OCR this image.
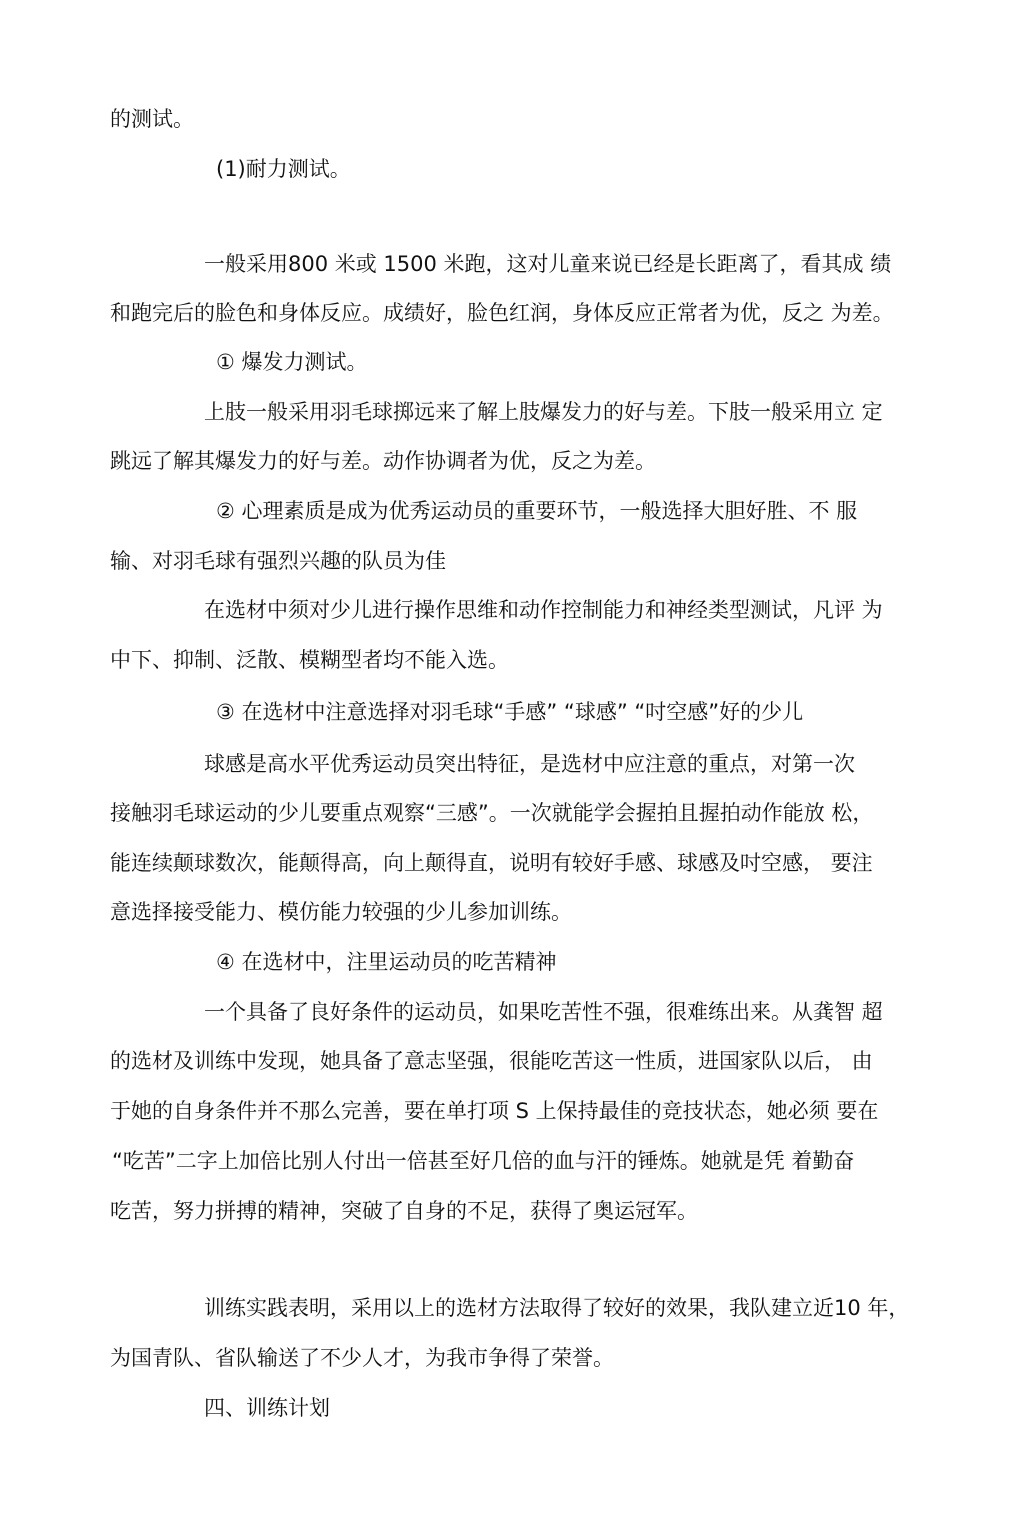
的测试。

(1)耐力测试。

一般采用800 米或 1500 米跑，这对儿童来说已经是长距离了，看其成 绩

和跑完后的脸色和身体反应。成绩好，脸色红润，身体反应正常者为优，反之 为差。

① 爆发力测试。

上肢一般采用羽毛球掷远来了解上肢爆发力的好与差。下肢一般采用立 定

跳远了解其爆发力的好与差。动作协调者为优，反之为差。

② 心理素质是成为优秀运动员的重要环节，一般选择大胆好胜、不 服

输、对羽毛球有强烈兴趣的队员为佳

在选材中须对少儿进行操作思维和动作控制能力和神经类型测试，凡评 为

中下、抑制、泛散、模糊型者均不能入选。

③ 在选材中注意选择对羽毛球“手感” “球感” “吋空感”好的少儿

球感是高水平优秀运动员突出特征，是选材中应注意的重点，对第一次

接触羽毛球运动的少儿要重点观察“三感”。一次就能学会握拍且握拍动作能放 松，

能连续颠球数次，能颠得高，向上颠得直，说明有较好手感、球感及吋空感， 要注

意选择接受能力、模仿能力较强的少儿参加训练。

④ 在选材中，注里运动员的吃苦精神

一个具备了良好条件的运动员，如果吃苦性不强，很难练出来。从龚智 超

的选材及训练中发现，她具备了意志坚强，很能吃苦这一性质，进国家队以后， 由

于她的自身条件并不那么完善，要在单打项 S 上保持最佳的竞技状态，她必须 要在

“吃苦”二字上加倍比别人付出一倍甚至好几倍的血与汗的锤炼。她就是凭 着勤奋

吃苦，努力拼搏的精神，突破了自身的不足，获得了奥运冠军。

训练实践表明，采用以上的选材方法取得了较好的效果，我队建立近10 年，

为国青队、省队输送了不少人才，为我市争得了荣誉。

四、训练计划
